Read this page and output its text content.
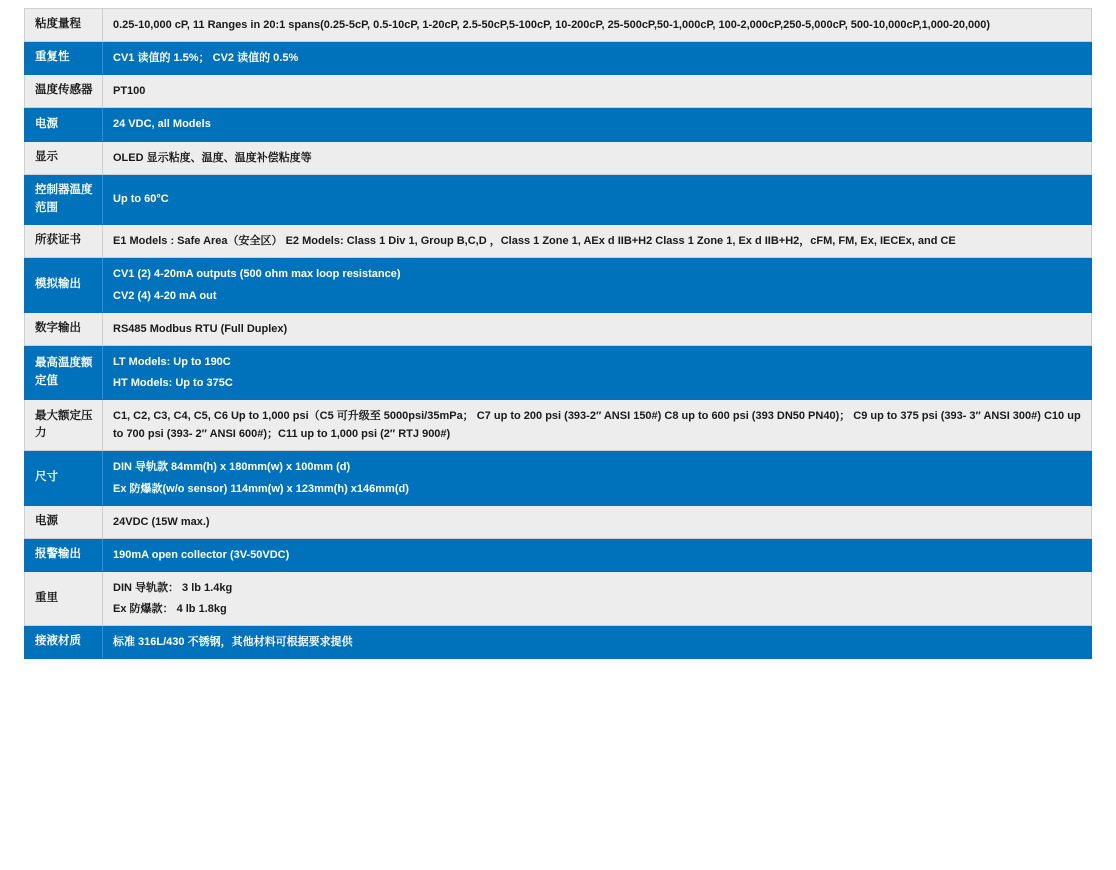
粘度量程	0.25-10,000 cP, 11 Ranges in 20:1 spans(0.25-5cP, 0.5-10cP, 1-20cP, 2.5-50cP,5-100cP, 10-200cP, 25-500cP,50-1,000cP, 100-2,000cP,250-5,000cP, 500-10,000cP,1,000-20,000)

重复性	CV1 读值的 1.5%； CV2 读值的 0.5%

温度传感器	PT100

电源	24 VDC, all Models

显示	OLED 显示粘度、温度、温度补偿粘度等

控制器温度范围	Up to 60°C

所获证书	E1 Models : Safe Area（安全区） E2 Models: Class 1 Div 1, Group B,C,D ，Class 1 Zone 1, AEx d IIB+H2 Class 1 Zone 1, Ex d IIB+H2，cFM, FM, Ex, IECEx, and CE

模拟输出	CV1 (2) 4-20mA outputs (500 ohm max loop resistance)
CV2 (4) 4-20 mA out

数字输出	RS485 Modbus RTU (Full Duplex)

最高温度额定值	LT Models: Up to 190C
HT Models: Up to 375C

最大额定压力	C1, C2, C3, C4, C5, C6 Up to 1,000 psi（C5 可升级至 5000psi/35mPa； C7 up to 200 psi (393-2″ ANSI 150#) C8 up to 600 psi (393 DN50 PN40)； C9 up to 375 psi (393- 3″ ANSI 300#) C10 up to 700 psi (393- 2″ ANSI 600#)；C11 up to 1,000 psi (2″ RTJ 900#)

尺寸	DIN 导轨款 84mm(h) x 180mm(w) x 100mm (d)
Ex 防爆款(w/o sensor) 114mm(w) x 123mm(h) x146mm(d)

电源	24VDC (15W max.)

报警输出	190mA open collector (3V-50VDC)

重里	DIN 导轨款： 3 lb 1.4kg
Ex 防爆款： 4 lb 1.8kg

接液材质	标准 316L/430 不锈钢，其他材料可根据要求提供
